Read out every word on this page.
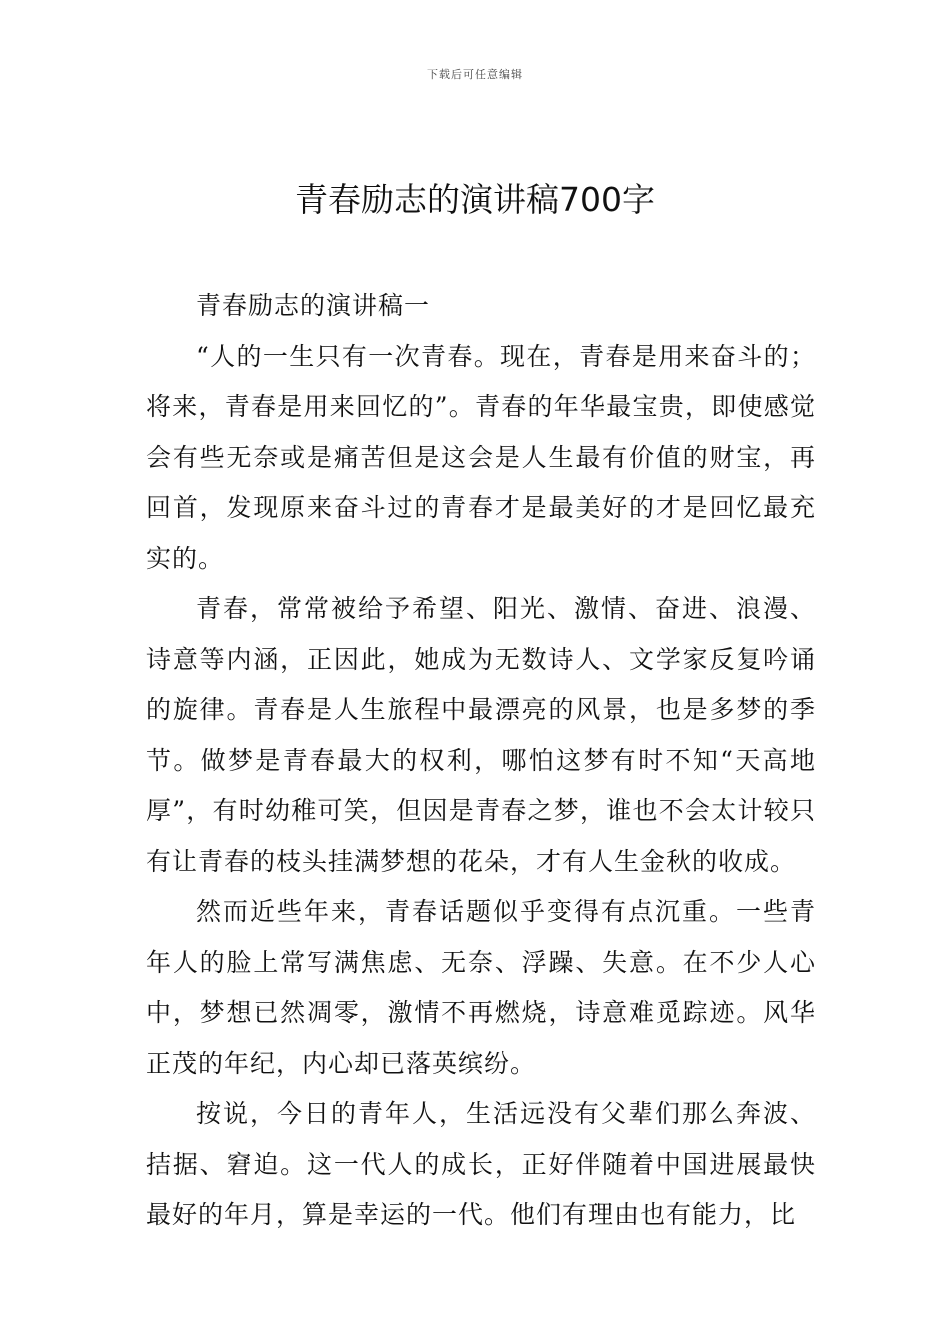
下载后可任意编辑
青春励志的演讲稿700字

青春励志的演讲稿一

“人的一生只有一次青春。现在，青春是用来奋斗的；将来，青春是用来回忆的”。青春的年华最宝贵，即使感觉会有些无奈或是痛苦但是这会是人生最有价值的财宝，再回首，发现原来奋斗过的青春才是最美好的才是回忆最充实的。

青春，常常被给予希望、阳光、激情、奋进、浪漫、诗意等内涵，正因此，她成为无数诗人、文学家反复吟诵的旋律。青春是人生旅程中最漂亮的风景，也是多梦的季节。做梦是青春最大的权利，哪怕这梦有时不知“天高地厚”，有时幼稚可笑，但因是青春之梦，谁也不会太计较只有让青春的枝头挂满梦想的花朵，才有人生金秋的收成。

然而近些年来，青春话题似乎变得有点沉重。一些青年人的脸上常写满焦虑、无奈、浮躁、失意。在不少人心中，梦想已然凋零，激情不再燃烧，诗意难觅踪迹。风华正茂的年纪，内心却已落英缤纷。

按说，今日的青年人，生活远没有父辈们那么奔波、拮据、窘迫。这一代人的成长，正好伴随着中国进展最快最好的年月，算是幸运的一代。他们有理由也有能力，比
